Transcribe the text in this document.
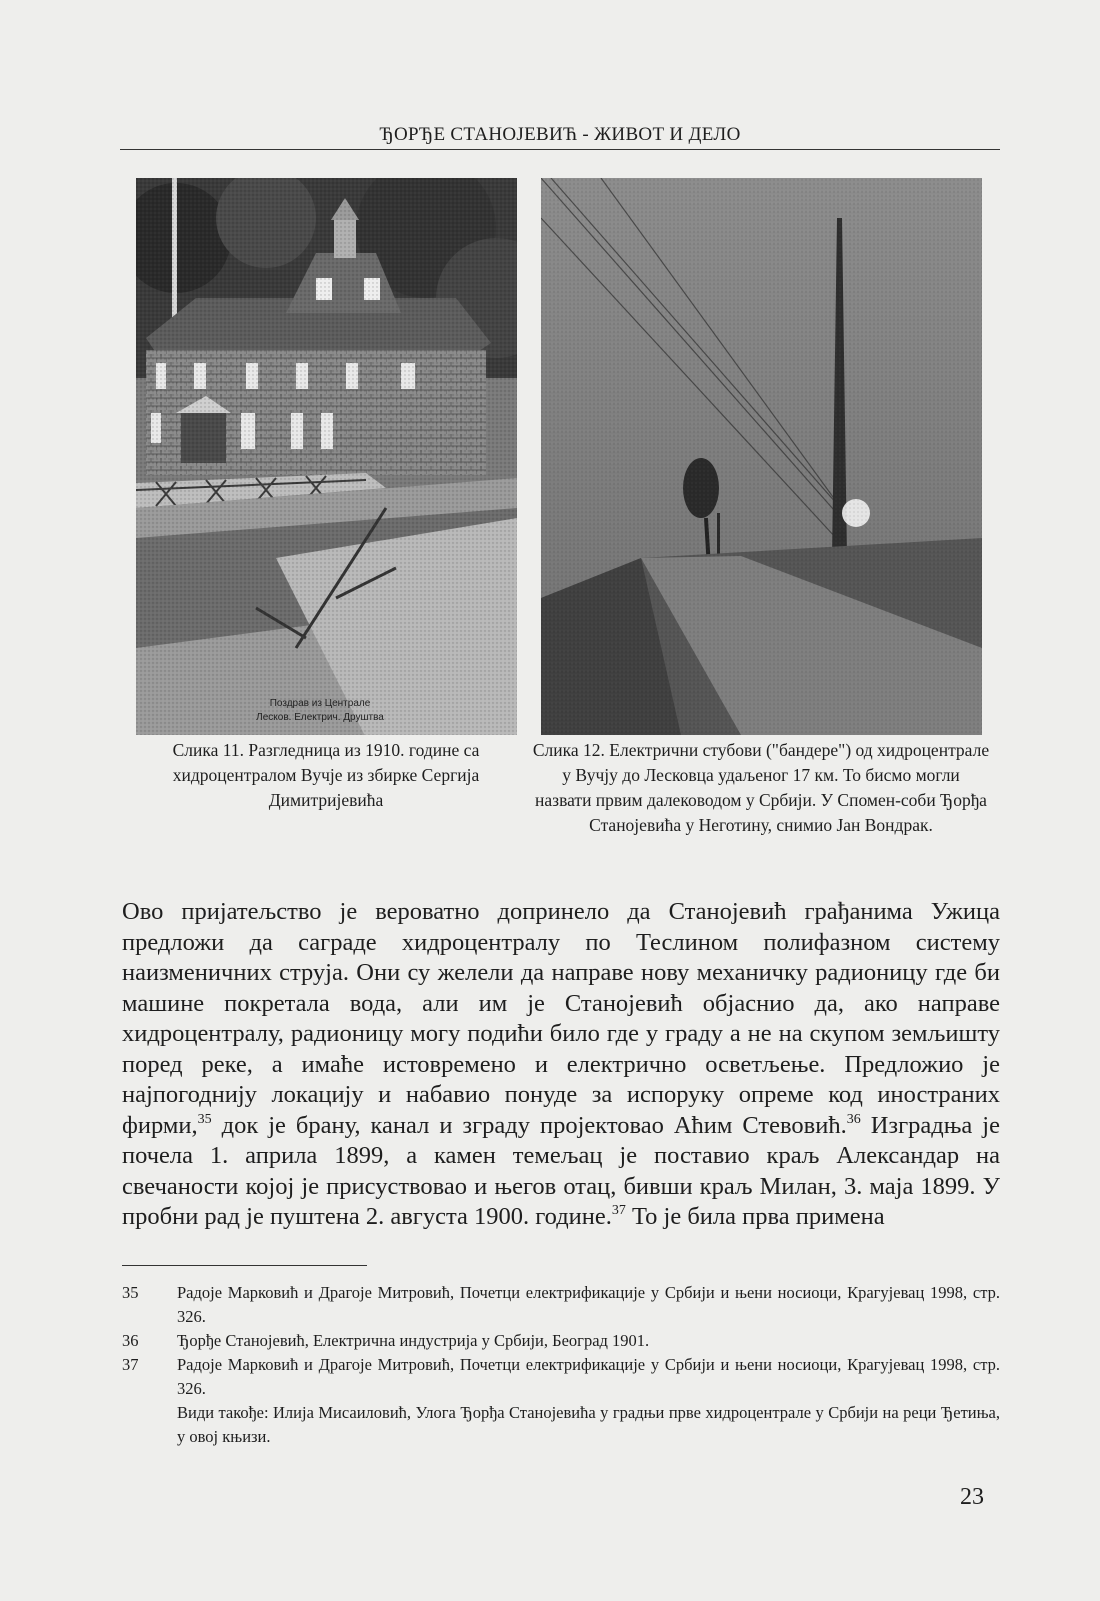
ЂОРЂЕ СТАНОЈЕВИЋ - ЖИВОТ И ДЕЛО
Поздрав из Централе
Лесков. Електрич. Друштва
Слика 11. Разгледница из 1910. године са хидроцентралом Вучје из збирке Сергија Димитријевића
Слика 12. Електрични стубови ("бандере") од хидроцентрале у Вучју до Лесковца удаљеног 17 км. То бисмо могли назвати првим далеководом у Србији. У Спомен-соби Ђорђа Станојевића у Неготину, снимио Јан Вондрак.
Ово пријатељство је вероватно допринело да Станојевић грађанима Ужица предложи да саграде хидроцентралу по Теслином полифазном систему наизменичних струја. Они су желели да направе нову механичку радионицу где би машине покретала вода, али им је Станојевић објаснио да, ако направе хидроцентралу, радионицу могу подићи било где у граду а не на скупом земљишту поред реке, а имаће истовремено и електрично осветљење. Предложио је најпогоднију локацију и набавио понуде за испоруку опреме код иностраних фирми,$^{35}$ док је брану, канал и зграду пројектовао Аћим Стевовић.$^{36}$ Изградња је почела 1. априла 1899, а камен темељац је поставио краљ Александар на свечаности којој је присуствовао и његов отац, бивши краљ Милан, 3. маја 1899. У пробни рад је пуштена 2. августа 1900. године.$^{37}$ То је била прва примена
35 Радоје Марковић и Драгоје Митровић, Почетци електрификације у Србији и њени носиоци, Крагујевац 1998, стр. 326.
36 Ђорђе Станојевић, Електрична индустрија у Србији, Београд 1901.
37 Радоје Марковић и Драгоје Митровић, Почетци електрификације у Србији и њени носиоци, Крагујевац 1998, стр. 326.
Види такође: Илија Мисаиловић, Улога Ђорђа Станојевића у градњи прве хидроцентрале у Србији на реци Ђетиња, у овој књизи.
23
